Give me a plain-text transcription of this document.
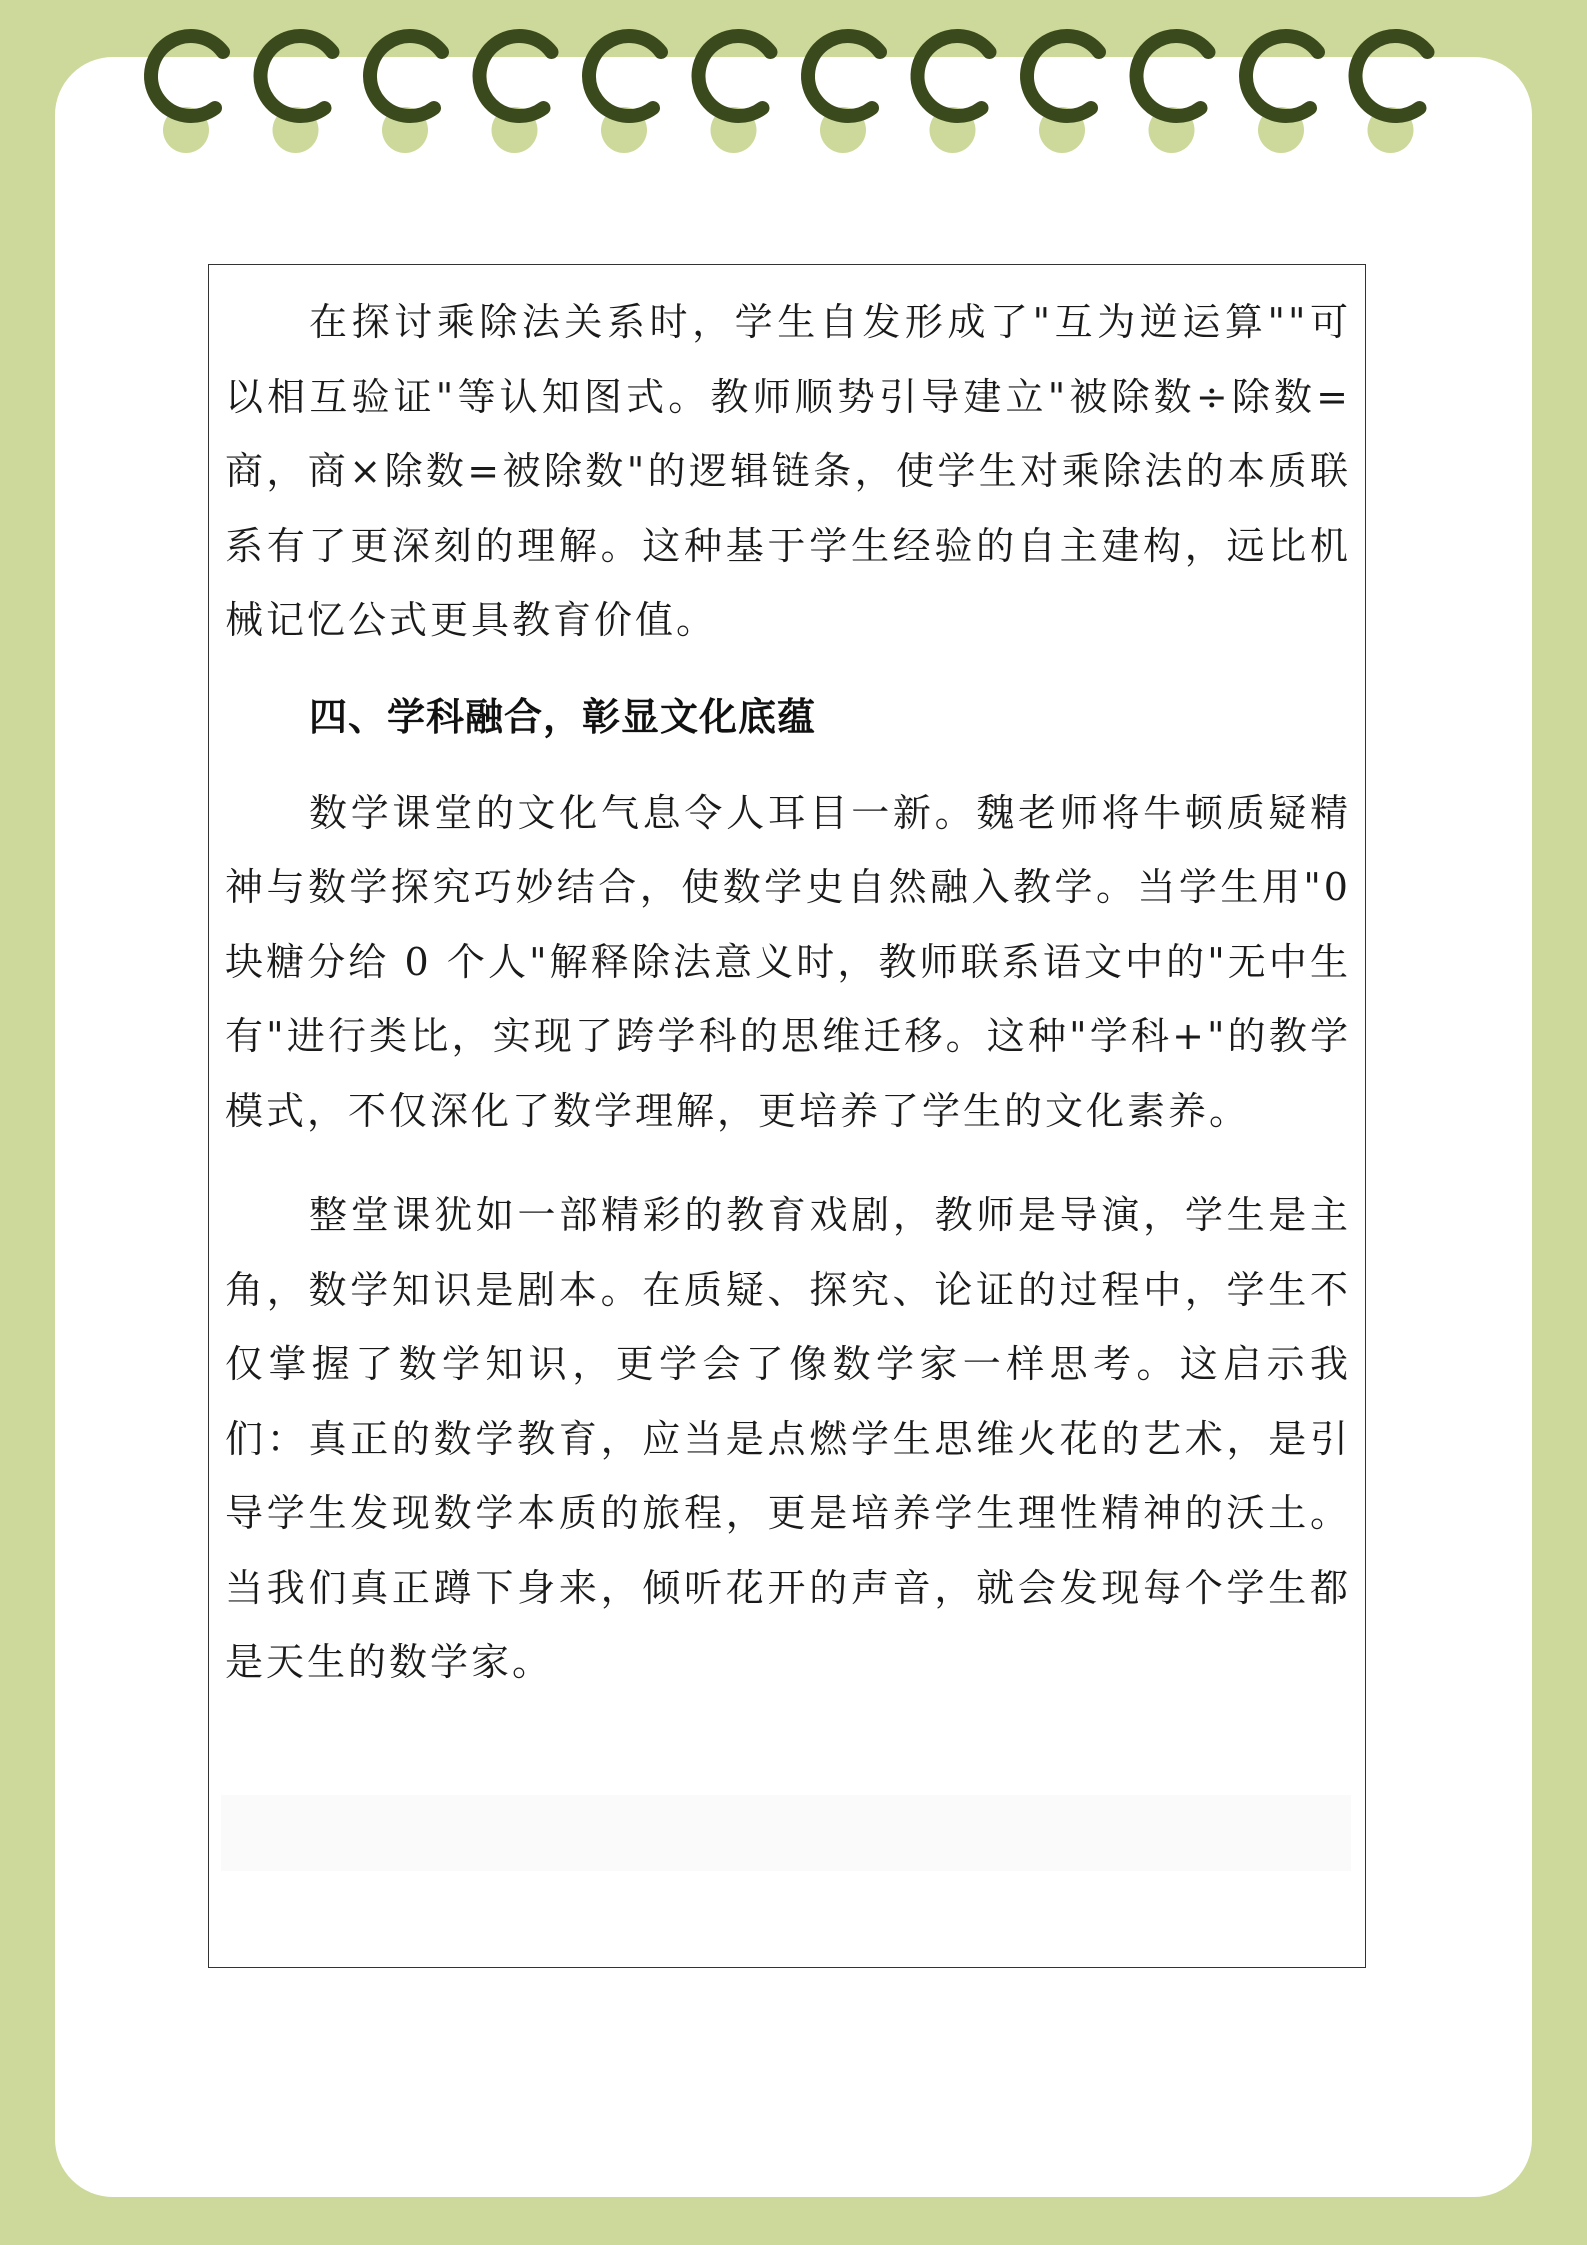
在探讨乘除法关系时，学生自发形成了"互为逆运算""可以相互验证"等认知图式。教师顺势引导建立"被除数÷除数=商，商×除数=被除数"的逻辑链条，使学生对乘除法的本质联系有了更深刻的理解。这种基于学生经验的自主建构，远比机械记忆公式更具教育价值。

四、学科融合，彰显文化底蕴

数学课堂的文化气息令人耳目一新。魏老师将牛顿质疑精神与数学探究巧妙结合，使数学史自然融入教学。当学生用"0 块糖分给 0 个人"解释除法意义时，教师联系语文中的"无中生有"进行类比，实现了跨学科的思维迁移。这种"学科+"的教学模式，不仅深化了数学理解，更培养了学生的文化素养。

整堂课犹如一部精彩的教育戏剧，教师是导演，学生是主角，数学知识是剧本。在质疑、探究、论证的过程中，学生不仅掌握了数学知识，更学会了像数学家一样思考。这启示我们：真正的数学教育，应当是点燃学生思维火花的艺术，是引导学生发现数学本质的旅程，更是培养学生理性精神的沃土。当我们真正蹲下身来，倾听花开的声音，就会发现每个学生都是天生的数学家。
